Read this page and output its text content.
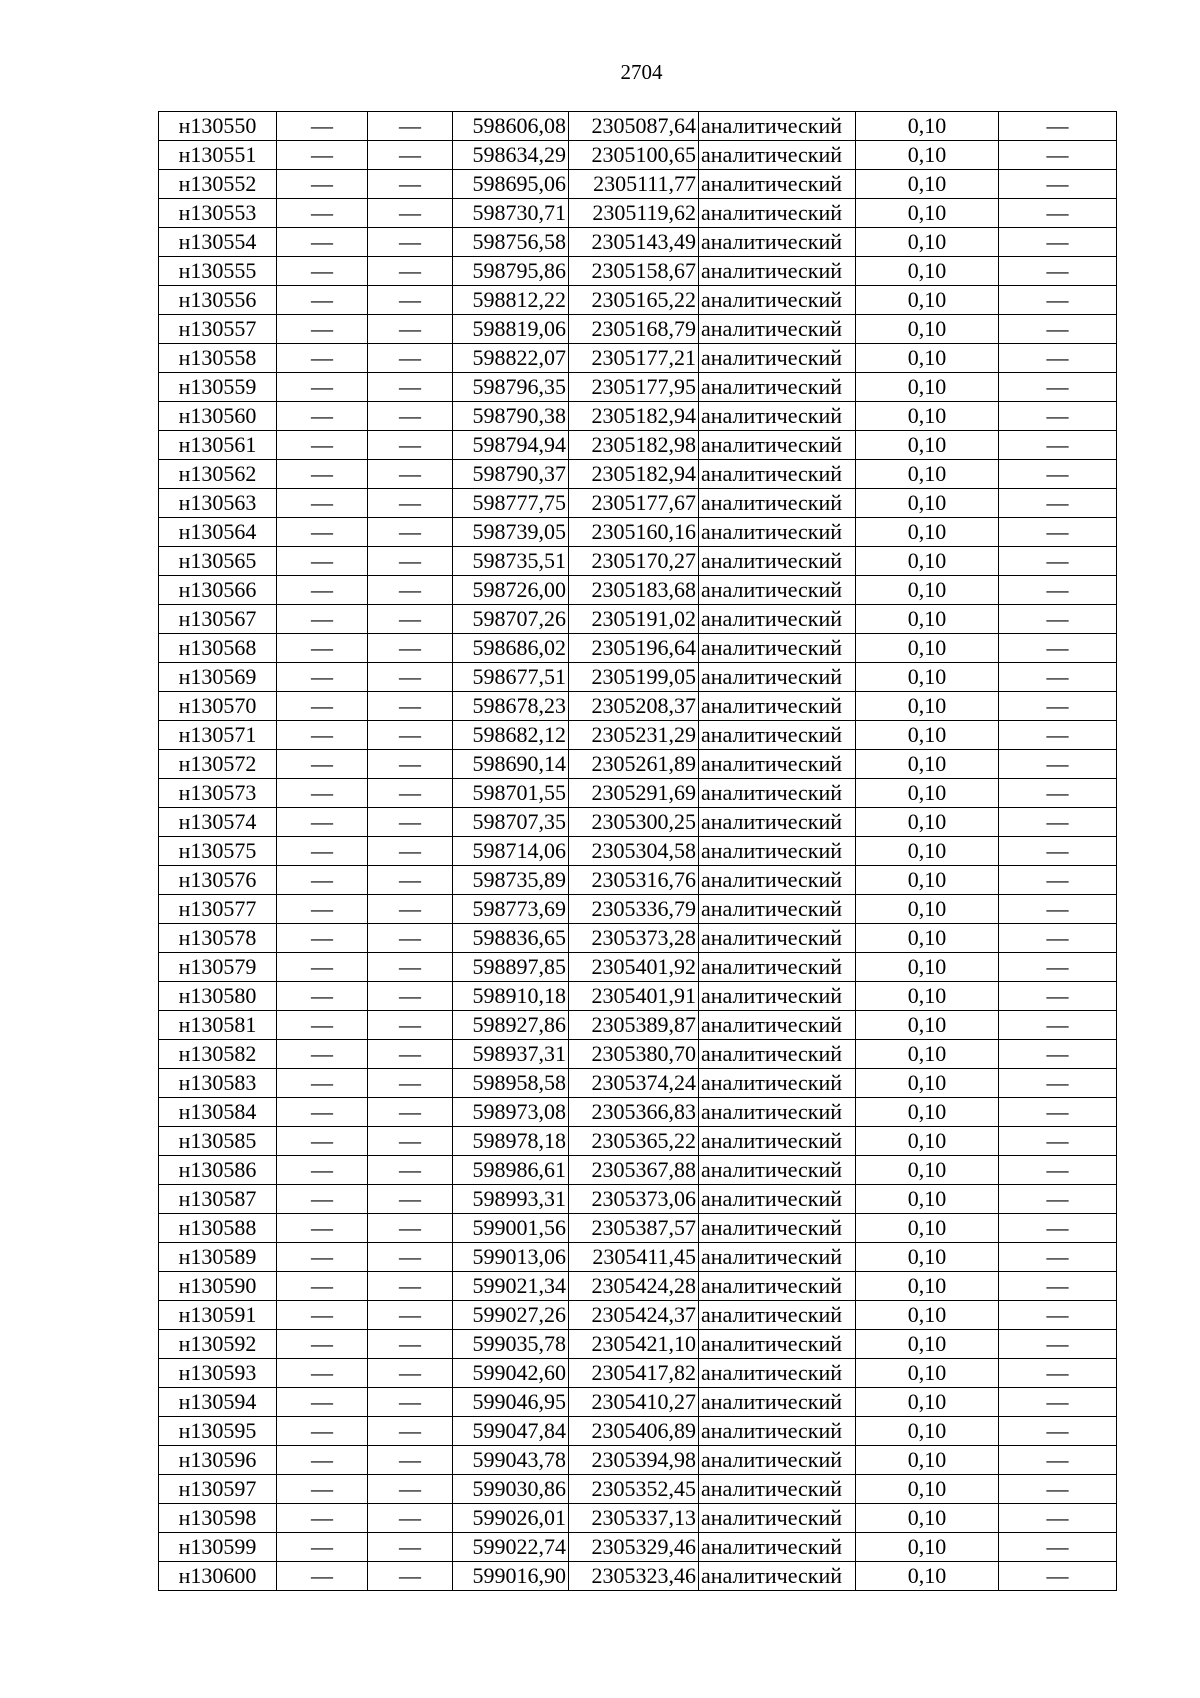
2704
н130550	—	—	598606,08	2305087,64	аналитический	0,10	—
н130551	—	—	598634,29	2305100,65	аналитический	0,10	—
н130552	—	—	598695,06	2305111,77	аналитический	0,10	—
н130553	—	—	598730,71	2305119,62	аналитический	0,10	—
н130554	—	—	598756,58	2305143,49	аналитический	0,10	—
н130555	—	—	598795,86	2305158,67	аналитический	0,10	—
н130556	—	—	598812,22	2305165,22	аналитический	0,10	—
н130557	—	—	598819,06	2305168,79	аналитический	0,10	—
н130558	—	—	598822,07	2305177,21	аналитический	0,10	—
н130559	—	—	598796,35	2305177,95	аналитический	0,10	—
н130560	—	—	598790,38	2305182,94	аналитический	0,10	—
н130561	—	—	598794,94	2305182,98	аналитический	0,10	—
н130562	—	—	598790,37	2305182,94	аналитический	0,10	—
н130563	—	—	598777,75	2305177,67	аналитический	0,10	—
н130564	—	—	598739,05	2305160,16	аналитический	0,10	—
н130565	—	—	598735,51	2305170,27	аналитический	0,10	—
н130566	—	—	598726,00	2305183,68	аналитический	0,10	—
н130567	—	—	598707,26	2305191,02	аналитический	0,10	—
н130568	—	—	598686,02	2305196,64	аналитический	0,10	—
н130569	—	—	598677,51	2305199,05	аналитический	0,10	—
н130570	—	—	598678,23	2305208,37	аналитический	0,10	—
н130571	—	—	598682,12	2305231,29	аналитический	0,10	—
н130572	—	—	598690,14	2305261,89	аналитический	0,10	—
н130573	—	—	598701,55	2305291,69	аналитический	0,10	—
н130574	—	—	598707,35	2305300,25	аналитический	0,10	—
н130575	—	—	598714,06	2305304,58	аналитический	0,10	—
н130576	—	—	598735,89	2305316,76	аналитический	0,10	—
н130577	—	—	598773,69	2305336,79	аналитический	0,10	—
н130578	—	—	598836,65	2305373,28	аналитический	0,10	—
н130579	—	—	598897,85	2305401,92	аналитический	0,10	—
н130580	—	—	598910,18	2305401,91	аналитический	0,10	—
н130581	—	—	598927,86	2305389,87	аналитический	0,10	—
н130582	—	—	598937,31	2305380,70	аналитический	0,10	—
н130583	—	—	598958,58	2305374,24	аналитический	0,10	—
н130584	—	—	598973,08	2305366,83	аналитический	0,10	—
н130585	—	—	598978,18	2305365,22	аналитический	0,10	—
н130586	—	—	598986,61	2305367,88	аналитический	0,10	—
н130587	—	—	598993,31	2305373,06	аналитический	0,10	—
н130588	—	—	599001,56	2305387,57	аналитический	0,10	—
н130589	—	—	599013,06	2305411,45	аналитический	0,10	—
н130590	—	—	599021,34	2305424,28	аналитический	0,10	—
н130591	—	—	599027,26	2305424,37	аналитический	0,10	—
н130592	—	—	599035,78	2305421,10	аналитический	0,10	—
н130593	—	—	599042,60	2305417,82	аналитический	0,10	—
н130594	—	—	599046,95	2305410,27	аналитический	0,10	—
н130595	—	—	599047,84	2305406,89	аналитический	0,10	—
н130596	—	—	599043,78	2305394,98	аналитический	0,10	—
н130597	—	—	599030,86	2305352,45	аналитический	0,10	—
н130598	—	—	599026,01	2305337,13	аналитический	0,10	—
н130599	—	—	599022,74	2305329,46	аналитический	0,10	—
н130600	—	—	599016,90	2305323,46	аналитический	0,10	—
